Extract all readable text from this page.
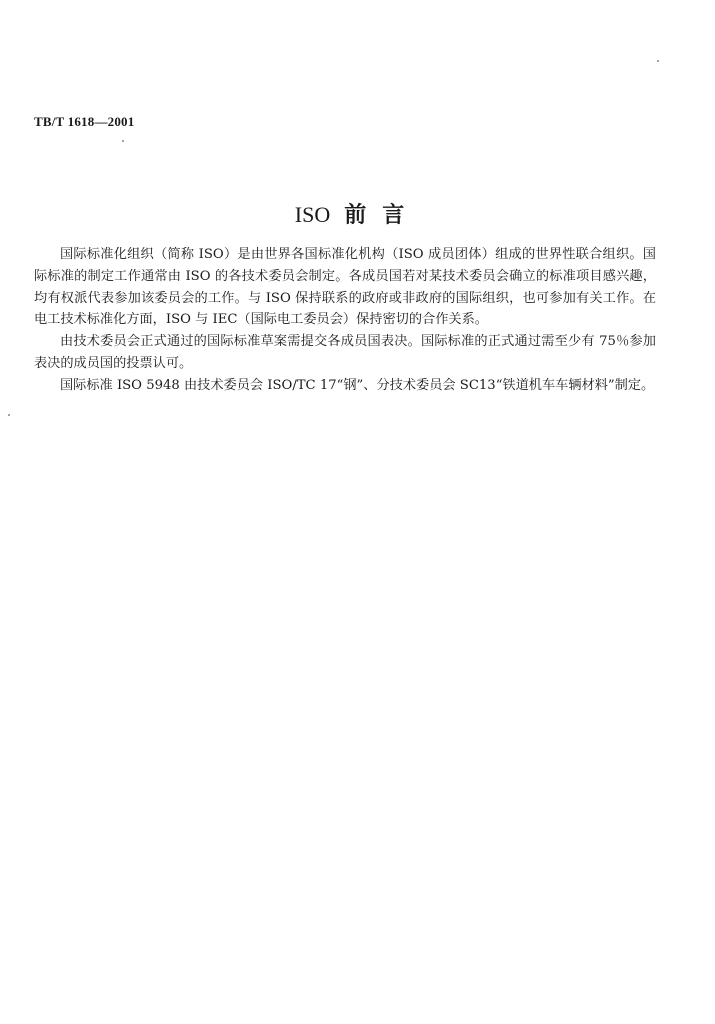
TB/T 1618—2001
ISO 前言

国际标准化组织（简称 ISO）是由世界各国标准化机构（ISO 成员团体）组成的世界性联合组织。国际标准的制定工作通常由 ISO 的各技术委员会制定。各成员国若对某技术委员会确立的标准项目感兴趣，均有权派代表参加该委员会的工作。与 ISO 保持联系的政府或非政府的国际组织，也可参加有关工作。在电工技术标准化方面，ISO 与 IEC（国际电工委员会）保持密切的合作关系。

由技术委员会正式通过的国际标准草案需提交各成员国表决。国际标准的正式通过需至少有 75％参加表决的成员国的投票认可。

国际标准 ISO 5948 由技术委员会 ISO/TC 17“钢”、分技术委员会 SC13“铁道机车车辆材料”制定。
